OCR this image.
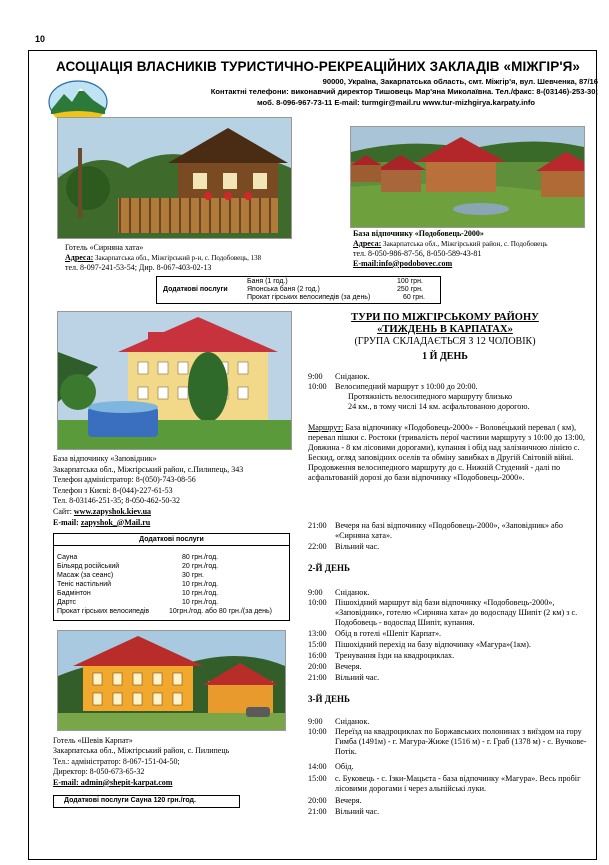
10
АСОЦІАЦІЯ ВЛАСНИКІВ ТУРИСТИЧНО-РЕКРЕАЦІЙНИХ ЗАКЛАДІВ «МІЖГІР'Я»
90000, Україна, Закарпатська область, смт. Міжгір'я, вул. Шевченка, 87/16
Контактні телефони: виконавчий директор Тишовець Мар'яна Миколаївна. Тел./факс: 8-(03146)-253-30;
моб. 8-096-967-73-11 E-mail: turmgir@mail.ru www.tur-mizhgirya.karpaty.info
Готель «Сирняна хата»
Адреса: Закарпатська обл., Міжгірський р-н, с. Подобовець, 138
тел. 8-097-241-53-54; Дир. 8-067-403-02-13
База відпочинку «Подобовець-2000»
Адреса: Закарпатська обл., Міжгірський район, с. Подобовець
тел. 8-050-986-87-56, 8-050-589-43-81
E-mail:info@podobovec.com
Додаткові послуги
Баня (1 год.)	100 грн.
Японська баня (2 год.)	250 грн.
Прокат гірських велосипедів (за день)	60 грн.
База відпочинку «Заповідник»
Закарпатська обл., Міжгірський район, с.Пилипець, 343
Телефон адміністратор: 8-(050)-743-08-56
Телефон з Києві: 8-(044)-227-61-53
Тел. 8-03146-251-35; 8-050-462-50-32
Сайт: www.zapyshok.kiev.ua
E-mail: zapyshok_@Mail.ru
Додаткові послуги
Сауна	80 грн./год.
Більярд російський	20 грн./год.
Масаж (за сеанс)	30 грн.
Теніс настільний	10 грн./год.
Бадмінтон	10 грн./год.
Дартс	10 грн./год.
Прокат гірських велосипедів	10грн./год. або 80 грн./(за день)
Готель «Шевів Карпат»
Закарпатська обл., Міжгірський район, с. Пилипець
Тел.: адміністратор: 8-067-151-04-50;
Директор: 8-050-673-65-32
E-mail: admin@shepit-karpat.com
Додаткові послуги Сауна 120 грн./год.
ТУРИ ПО МІЖГІРСЬКОМУ РАЙОНУ
«ТИЖДЕНЬ В КАРПАТАХ»
(ГРУПА СКЛАДАЄТЬСЯ З 12 ЧОЛОВІК)
1 Й ДЕНЬ
9:00 Сніданок.
10:00 Велосипедний маршрут з 10:00 до 20:00.
Протяжність велосипедного маршруту близько
24 км., в тому числі 14 км. асфальтованою дорогою.
Маршрут: База відпочинку «Подобовець-2000» - Волове́цький перевал ( км), перевал пішки с. Ростоки (тривалість пе́рої частини маршруту з 10:00 до 13:00, Довжина - 8 км лісовими дорогами), купання і обід над залізничною лінією с. Бескид, огляд заповідних оселів та обміну завибках в Другій Світовій війні. Продовження велосипедного маршруту до с. Нижній Студений - далі по асфальтованій дорозі до бази відпочинку «Подобовець-2000».
21:00 Вечеря на базі відпочинку «Подобовець-2000», «Заповідник» або «Сирняна хата».
22:00 Вільний час.
2-Й ДЕНЬ
9:00 Сніданок.
10:00 Пішохідний маршрут від бази відпочинку «Подобовець-2000», «Заповідник», готелю «Сирняна хата» до водоспаду Шипіт (2 км) з с. Подобовець - водоспад Шипіт, купання.
13:00 Обід в готелі «Шепіт Карпат».
15:00 Пішохідний перехід на базу відпочинку «Магура»(1км).
16:00 Тренування їзди на квадроциклах.
20:00 Вечеря.
21:00 Вільний час.
3-Й ДЕНЬ
9:00 Сніданок.
10:00 Переїзд на квадроциклах по Боржавських полонинах з виїздом на гору Гимба (1491м) - г. Магура-Жиже (1516 м) - г. Граб (1378 м) - с. Вучкове-Потік.
14:00 Обід.
15:00 с. Буковець - с. Ізки-Мацьєта - база відпочинку «Магура». Весь пробіг лісовими дорогами і через альпійські луки.
20:00 Вечеря.
21:00 Вільний час.
